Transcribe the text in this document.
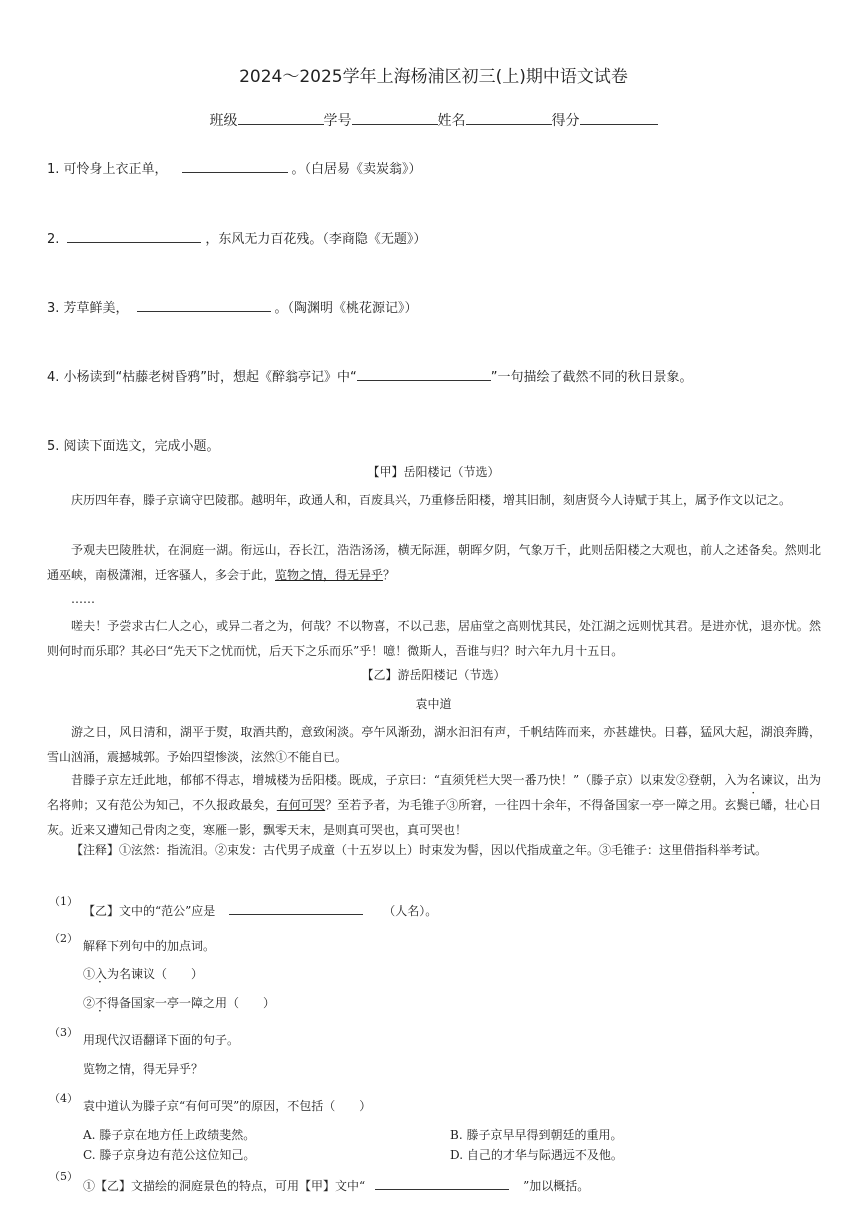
2024～2025学年上海杨浦区初三(上)期中语文试卷
班级	学号	姓名	得分
1. 可怜身上衣正单，	。（白居易《卖炭翁》）
2.	，东风无力百花残。（李商隐《无题》）
3. 芳草鲜美，	。（陶渊明《桃花源记》）
4. 小杨读到“枯藤老树昏鸦”时，想起《醉翁亭记》中“	”一句描绘了截然不同的秋日景象。
5. 阅读下面选文，完成小题。
【甲】岳阳楼记（节选）
庆历四年春，滕子京谪守巴陵郡。越明年，政通人和，百废具兴，乃重修岳阳楼，增其旧制，刻唐贤今人诗赋于其上，属予作文以记之。
予观夫巴陵胜状，在洞庭一湖。衔远山，吞长江，浩浩汤汤，横无际涯，朝晖夕阴，气象万千，此则岳阳楼之大观也，前人之述备矣。然则北通巫峡，南极潇湘，迁客骚人，多会于此，览物之情，得无异乎？
……
嗟夫！予尝求古仁人之心，或异二者之为，何哉？不以物喜，不以己悲，居庙堂之高则忧其民，处江湖之远则忧其君。是进亦忧，退亦忧。然则何时而乐耶？其必曰“先天下之忧而忧，后天下之乐而乐”乎！噫！微斯人，吾谁与归？时六年九月十五日。
【乙】游岳阳楼记（节选）
袁中道
游之日，风日清和，湖平于熨，取酒共酌，意致闲淡。亭午风渐劲，湖水汩汩有声，千帆结阵而来，亦甚雄快。日暮，猛风大起，湖浪奔腾，雪山汹涌，震撼城郭。予始四望惨淡，泫然①不能自已。
昔滕子京左迁此地，郁郁不得志，增城楼为岳阳楼。既成，子京曰：“直须凭栏大哭一番乃快！”（滕子京）以束发②登朝，入 ·为名谏议，出为名将帅；又有范公为知己，不久报政最矣，有何可哭？至若予者，为毛锥子③所窘，一往四十余年，不得备国家一亭一障之用。玄鬓已皤，壮心日灰。近来又遭知己骨肉之变，寒雁一影，飘零天末，是则真可哭也，真可哭也！
【注释】①泫然：指流泪。②束发：古代男子成童（十五岁以上）时束发为髻，因以代指成童之年。③毛锥子：这里借指科举考试。
（1）
【乙】文中的“范公”应是	（人名）。
（2）
解释下列句中的加点词。
①入为名谏议（　　）
②不得备国家一亭一障之用（　　）
（3）
用现代汉语翻译下面的句子。
览物之情，得无异乎？
（4）
袁中道认为滕子京“有何可哭”的原因，不包括（　　）
A. 滕子京在地方任上政绩斐然。	B. 滕子京早早得到朝廷的重用。
C. 滕子京身边有范公这位知己。	D. 自己的才华与际遇远不及他。
（5）
①【乙】文描绘的洞庭景色的特点，可用【甲】文中“	”加以概括。
